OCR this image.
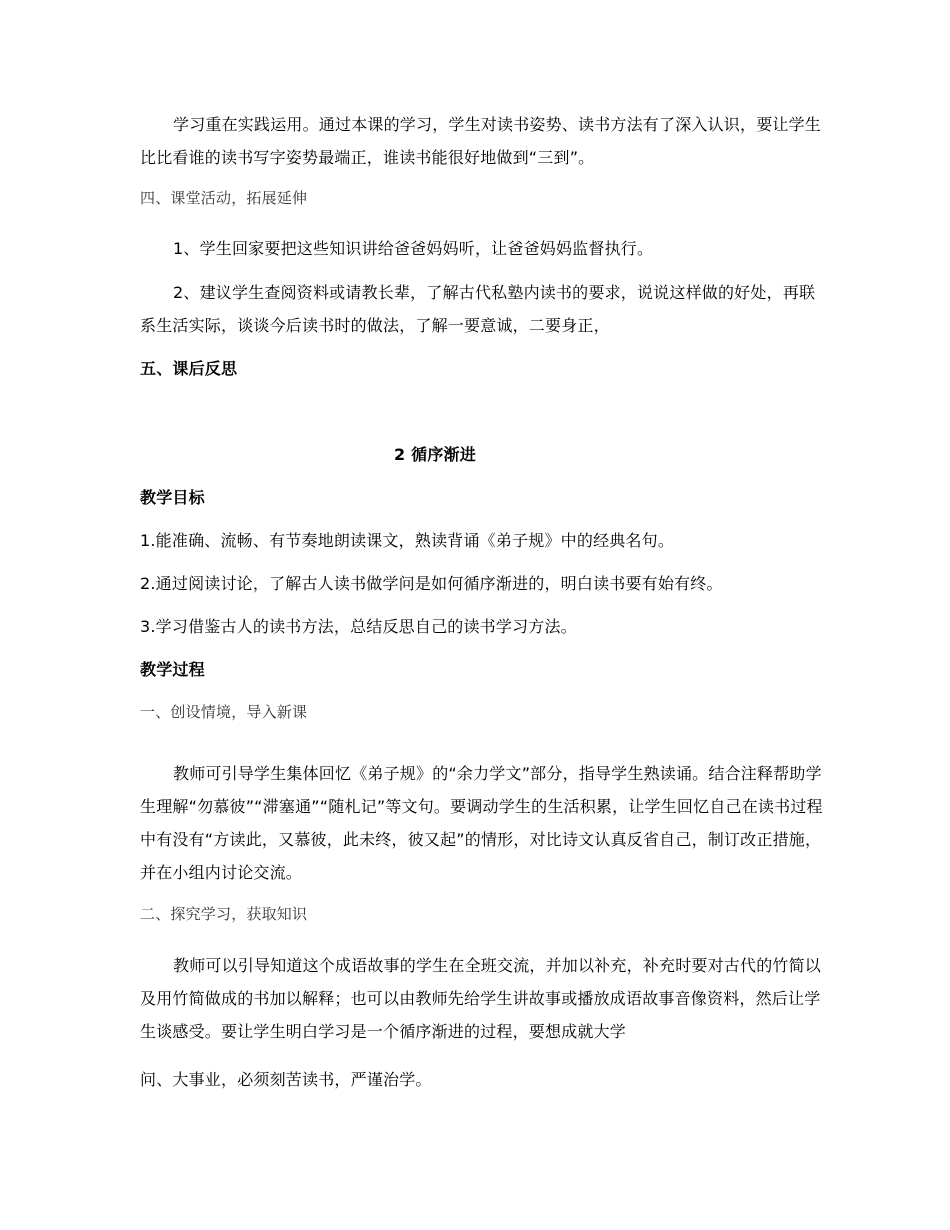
学习重在实践运用。通过本课的学习，学生对读书姿势、读书方法有了深入认识，要让学生比比看谁的读书写字姿势最端正，谁读书能很好地做到“三到”。

四、课堂活动，拓展延伸

1、学生回家要把这些知识讲给爸爸妈妈听，让爸爸妈妈监督执行。

2、建议学生查阅资料或请教长辈，了解古代私塾内读书的要求，说说这样做的好处，再联系生活实际，谈谈今后读书时的做法，了解一要意诚，二要身正，

五、课后反思

2 循序渐进

教学目标

1.能准确、流畅、有节奏地朗读课文，熟读背诵《弟子规》中的经典名句。

2.通过阅读讨论，了解古人读书做学问是如何循序渐进的，明白读书要有始有终。

3.学习借鉴古人的读书方法，总结反思自己的读书学习方法。

教学过程

一、创设情境，导入新课

教师可引导学生集体回忆《弟子规》的“余力学文”部分，指导学生熟读诵。结合注释帮助学生理解“勿慕彼”“滞塞通”“随札记”等文句。要调动学生的生活积累，让学生回忆自己在读书过程中有没有“方读此，又慕彼，此未终，彼又起”的情形，对比诗文认真反省自己，制订改正措施，并在小组内讨论交流。

二、探究学习，获取知识

教师可以引导知道这个成语故事的学生在全班交流，并加以补充，补充时要对古代的竹简以及用竹简做成的书加以解释；也可以由教师先给学生讲故事或播放成语故事音像资料，然后让学生谈感受。要让学生明白学习是一个循序渐进的过程，要想成就大学

问、大事业，必须刻苦读书，严谨治学。
